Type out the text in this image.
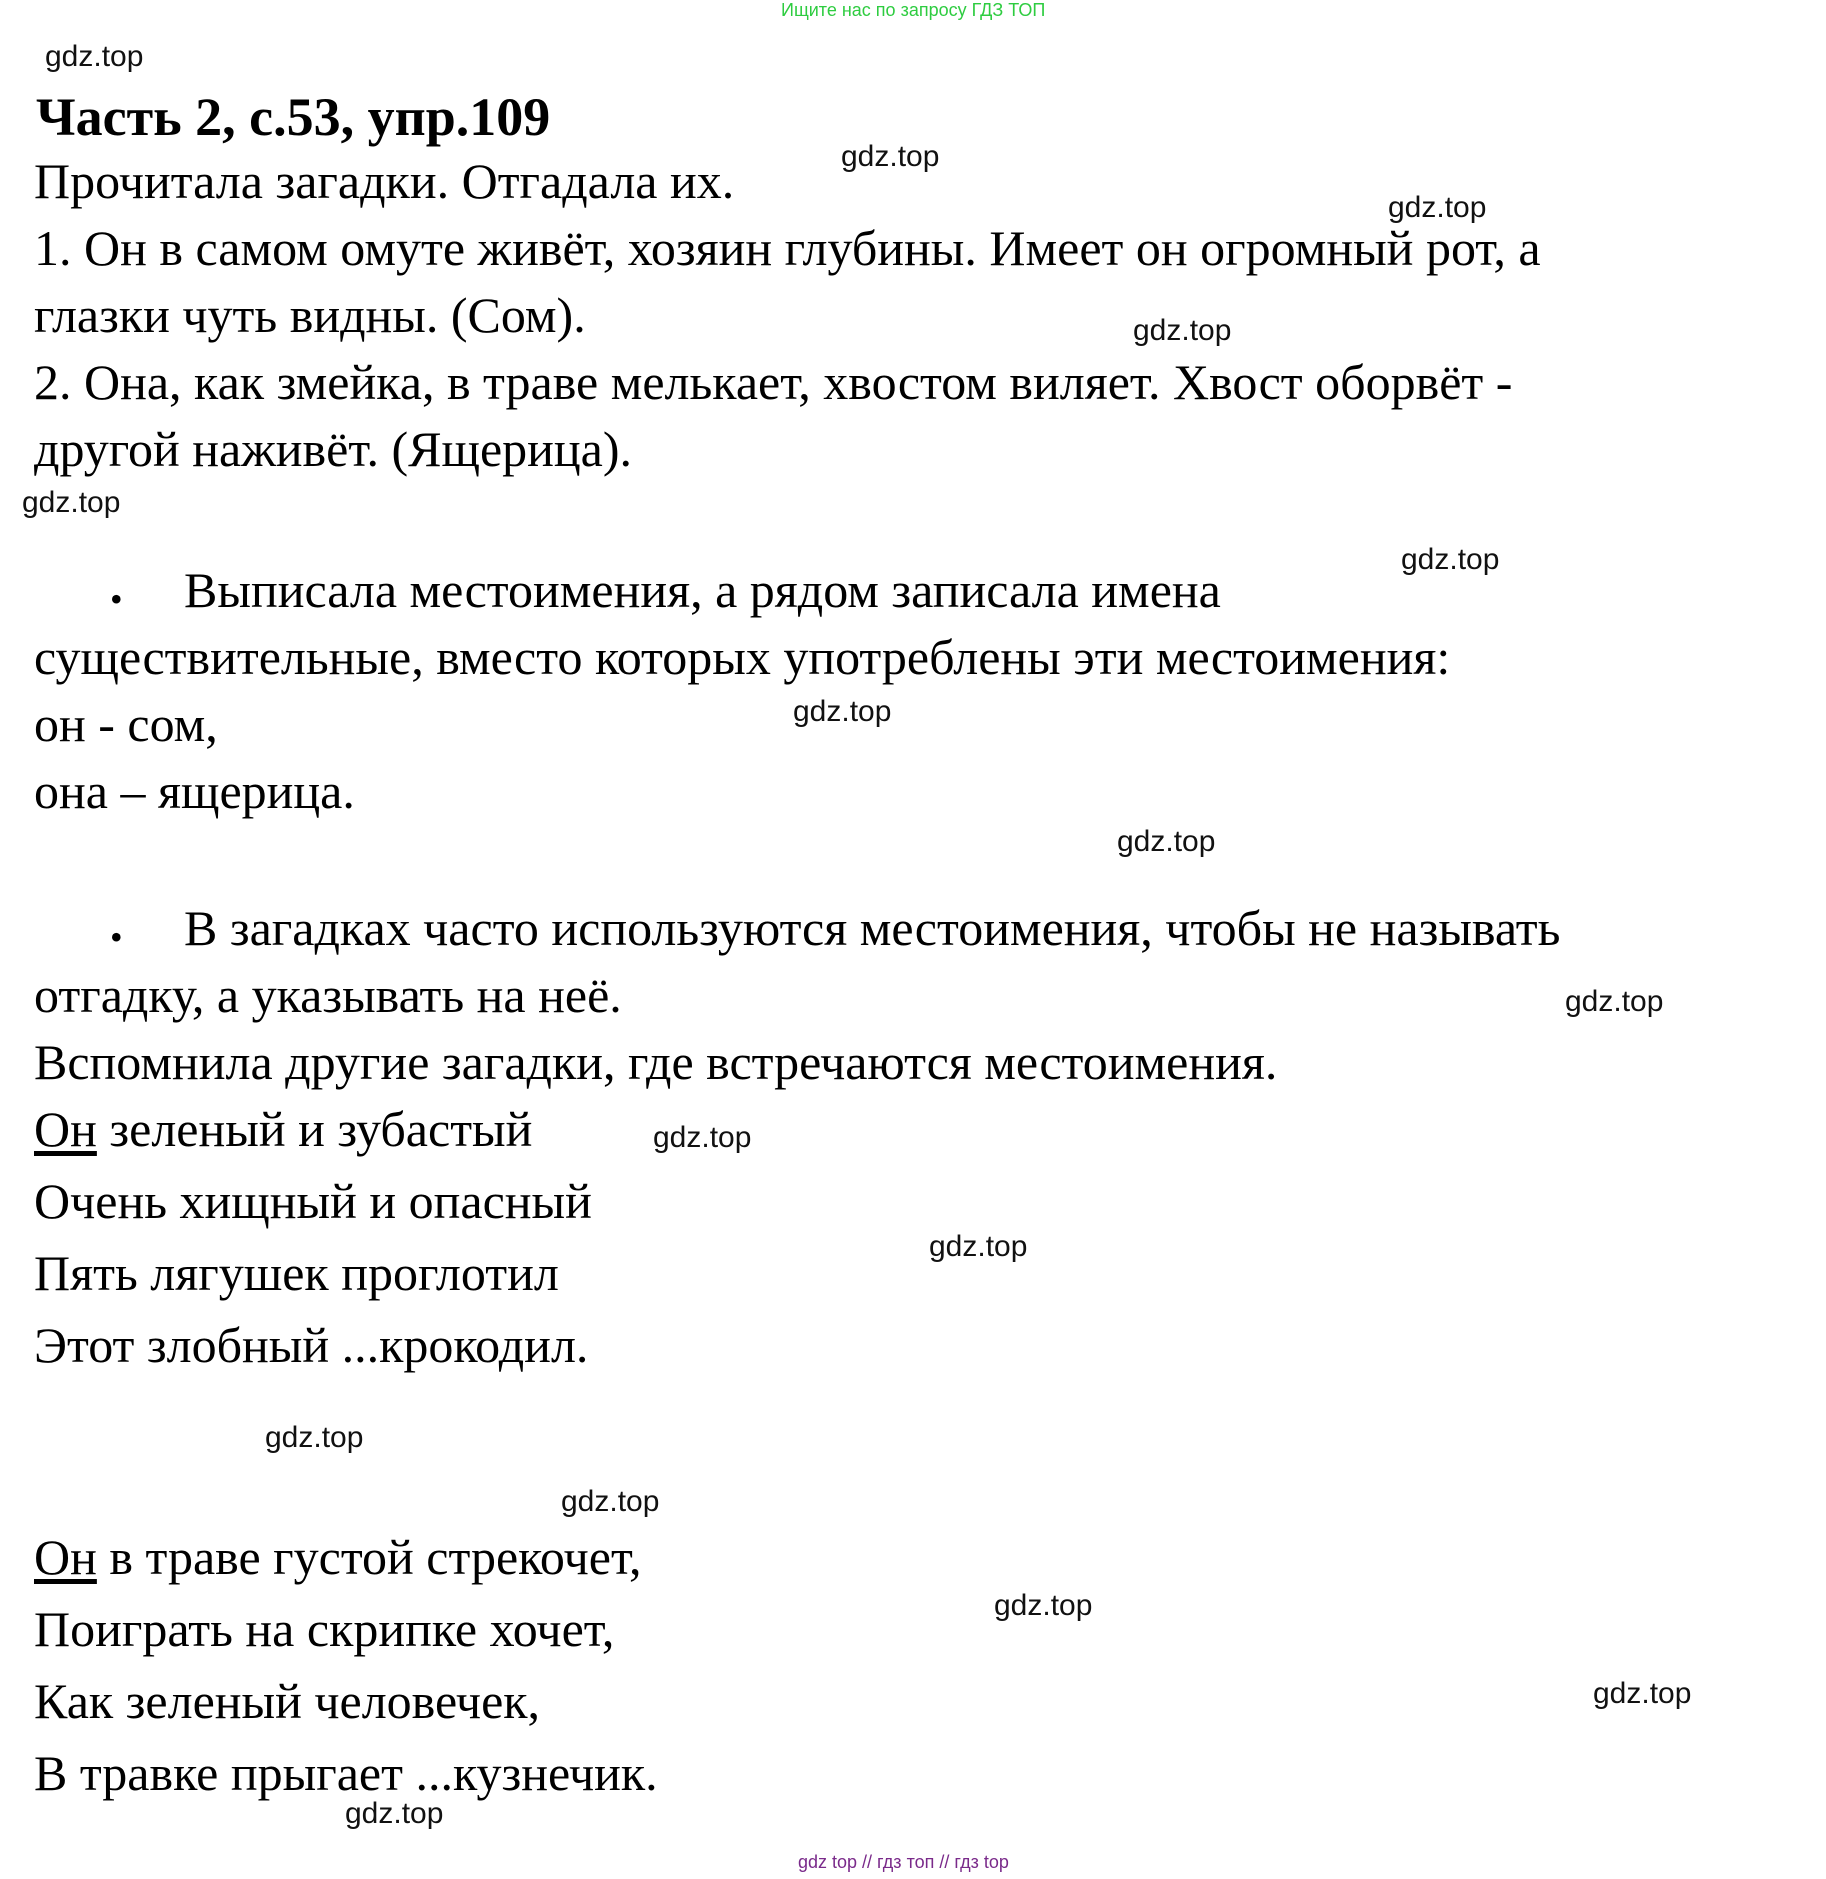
Ищите нас по запросу ГДЗ ТОП
Часть 2, с.53, упр.109
Прочитала загадки. Отгадала их.
1. Он в самом омуте живёт, хозяин глубины. Имеет он огромный рот, а
глазки чуть видны. (Сом).
2. Она, как змейка, в траве мелькает, хвостом виляет. Хвост оборвёт -
другой наживёт. (Ящерица).
• Выписала местоимения, а рядом записала имена
существительные, вместо которых употреблены эти местоимения:
он - сом,
она – ящерица.
• В загадках часто используются местоимения, чтобы не называть
отгадку, а указывать на неё.
Вспомнила другие загадки, где встречаются местоимения.
Он зеленый и зубастый
Очень хищный и опасный
Пять лягушек проглотил
Этот злобный ...крокодил.
Он в траве густой стрекочет,
Поиграть на скрипке хочет,
Как зеленый человечек,
В травке прыгает ...кузнечик.
gdz.top
gdz.top
gdz.top
gdz.top
gdz.top
gdz.top
gdz.top
gdz.top
gdz.top
gdz.top
gdz.top
gdz.top
gdz.top
gdz.top
gdz.top
gdz.top
gdz top // гдз топ // гдз top
